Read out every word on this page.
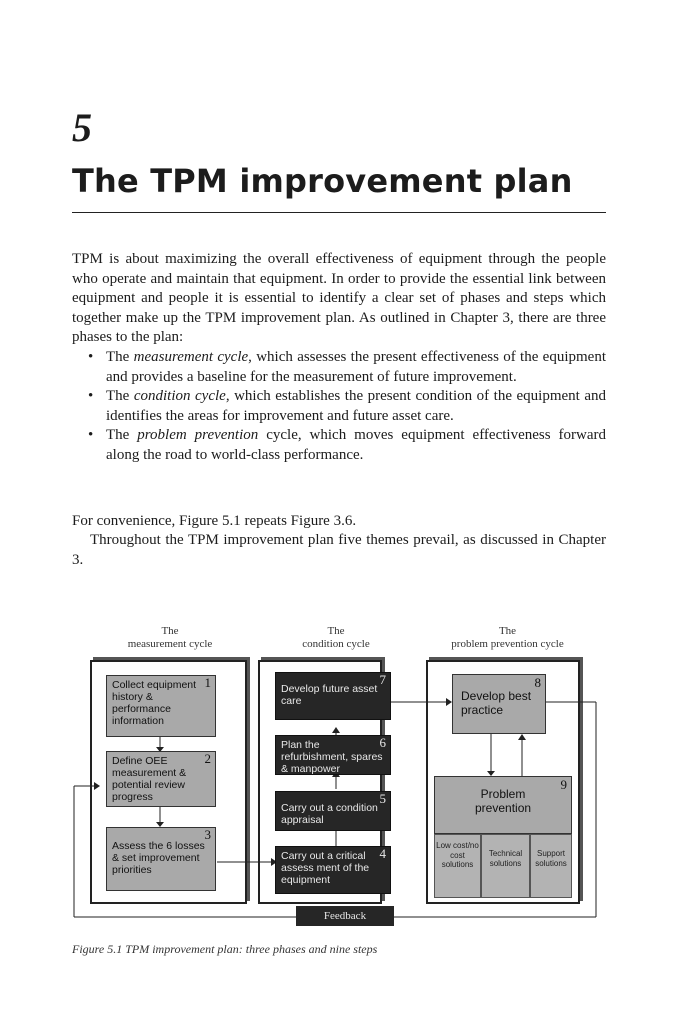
5
The TPM improvement plan

TPM is about maximizing the overall effectiveness of equipment through the people who operate and maintain that equipment. In order to provide the essential link between equipment and people it is essential to identify a clear set of phases and steps which together make up the TPM improvement plan. As outlined in Chapter 3, there are three phases to the plan:

• The measurement cycle, which assesses the present effectiveness of the equipment and provides a baseline for the measurement of future improvement.
• The condition cycle, which establishes the present condition of the equipment and identifies the areas for improvement and future asset care.
• The problem prevention cycle, which moves equipment effectiveness forward along the road to world-class performance.

For convenience, Figure 5.1 repeats Figure 3.6.

Throughout the TPM improvement plan five themes prevail, as discussed in Chapter 3.

The
measurement cycle
The
condition cycle
The
problem prevention cycle
Collect equipment history & performance information
1
Define OEE measurement & potential review progress
2
Assess the 6 losses & set improvement priorities
3
Develop future asset care
7
Plan the refurbishment, spares & manpower
6
Carry out a condition appraisal
5
Carry out a critical assess ment of the equipment
4
Develop best practice
8
Problem prevention
9
Low cost/no cost solutions
Technical solutions
Support solutions
Feedback
Figure 5.1 TPM improvement plan: three phases and nine steps
